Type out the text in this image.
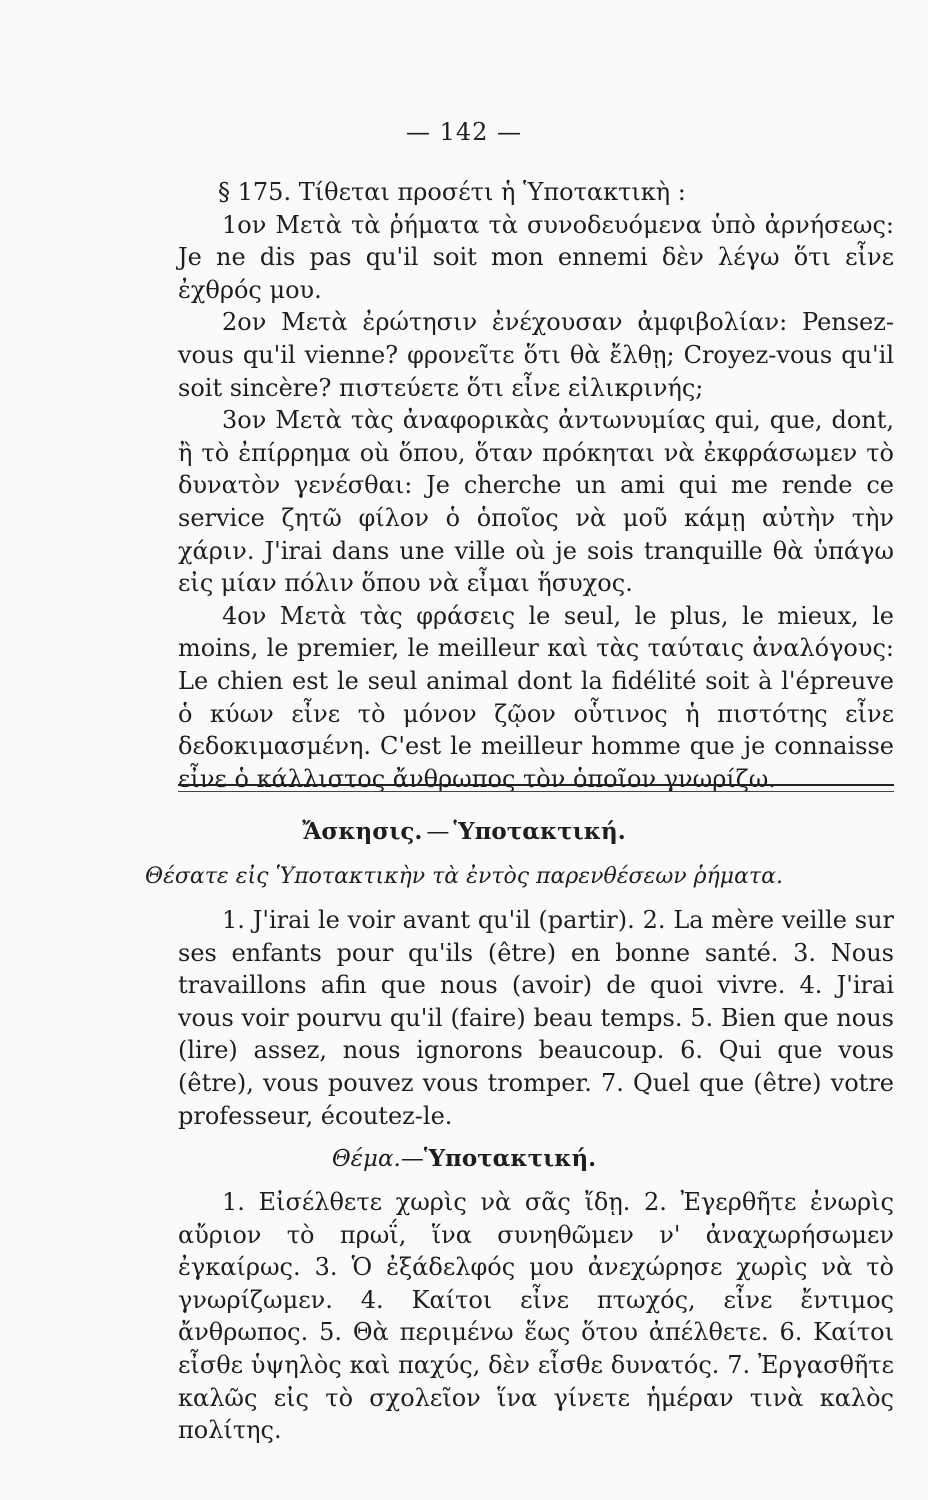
— 142 —

§ 175. Τίθεται προσέτι ἡ Ὑποτακτικὴ :

1ον Μετὰ τὰ ῥήματα τὰ συνοδευόμενα ὑπὸ ἀρνήσεως: Je ne dis pas qu'il soit mon ennemi δὲν λέγω ὅτι εἶνε ἐχθρός μου.

2ον Μετὰ ἐρώτησιν ἐνέχουσαν ἀμφιβολίαν: Pensez-vous qu'il vienne? φρονεῖτε ὅτι θὰ ἔλθῃ; Croyez-vous qu'il soit sincère? πιστεύετε ὅτι εἶνε εἰλικρινής;

3ον Μετὰ τὰς ἀναφορικὰς ἀντωνυμίας qui, que, dont, ἢ τὸ ἐπίρρημα où ὅπου, ὅταν πρόκηται νὰ ἐκφράσωμεν τὸ δυνατὸν γενέσθαι: Je cherche un ami qui me rende ce service ζητῶ φίλον ὁ ὁποῖος νὰ μοῦ κάμῃ αὐτὴν τὴν χάριν. J'irai dans une ville où je sois tranquille θὰ ὑπάγω εἰς μίαν πόλιν ὅπου νὰ εἶμαι ἥσυχος.

4ον Μετὰ τὰς φράσεις le seul, le plus, le mieux, le moins, le premier, le meilleur καὶ τὰς ταύταις ἀναλόγους: Le chien est le seul animal dont la fidélité soit à l'épreuve ὁ κύων εἶνε τὸ μόνον ζῷον οὗτινος ἡ πιστότης εἶνε δεδοκιμασμένη. C'est le meilleur homme que je connaisse εἶνε ὁ κάλλιστος ἄνθρωπος τὸν ὁποῖον γνωρίζω.

Ἄσκησις. — Ὑποτακτική.
Θέσατε εἰς Ὑποτακτικὴν τὰ ἐντὸς παρενθέσεων ῥήματα.

1. J'irai le voir avant qu'il (partir). 2. La mère veille sur ses enfants pour qu'ils (être) en bonne santé. 3. Nous travaillons afin que nous (avoir) de quoi vivre. 4. J'irai vous voir pourvu qu'il (faire) beau temps. 5. Bien que nous (lire) assez, nous ignorons beaucoup. 6. Qui que vous (être), vous pouvez vous tromper. 7. Quel que (être) votre professeur, écoutez-le.

Θέμα.—Ὑποτακτική.

1. Εἰσέλθετε χωρὶς νὰ σᾶς ἴδῃ. 2. Ἐγερθῆτε ἐνωρὶς αὔριον τὸ πρωΐ, ἵνα συνηθῶμεν ν' ἀναχωρήσωμεν ἐγκαίρως. 3. Ὁ ἐξάδελφός μου ἀνεχώρησε χωρὶς νὰ τὸ γνωρίζωμεν. 4. Καίτοι εἶνε πτωχός, εἶνε ἔντιμος ἄνθρωπος. 5. Θὰ περιμένω ἕως ὅτου ἀπέλθετε. 6. Καίτοι εἶσθε ὑψηλὸς καὶ παχύς, δὲν εἶσθε δυνατός. 7. Ἐργασθῆτε καλῶς εἰς τὸ σχολεῖον ἵνα γίνετε ἡμέραν τινὰ καλὸς πολίτης.
